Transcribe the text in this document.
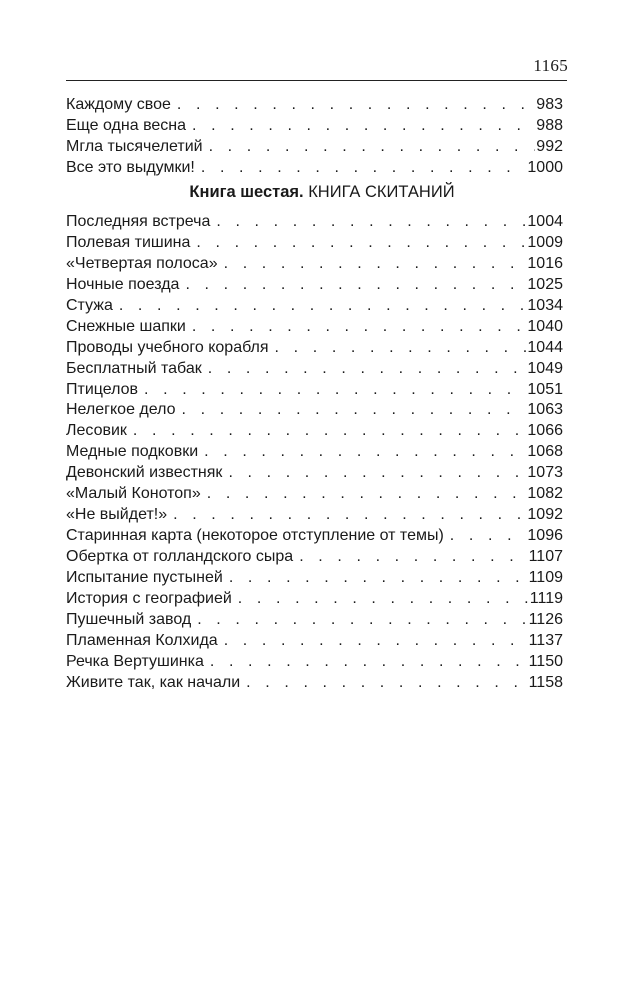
1165
Каждому свое . . .	983
Еще одна весна . . .	988
Мгла тысячелетий . . .	992
Все это выдумки! . . .	1000
Книга шестая. КНИГА СКИТАНИЙ
Последняя встреча . . .	1004
Полевая тишина . . .	1009
«Четвертая полоса» . . .	1016
Ночные поезда . . .	1025
Стужа . . .	1034
Снежные шапки . . .	1040
Проводы учебного корабля . . .	1044
Бесплатный табак . . .	1049
Птицелов . . .	1051
Нелегкое дело . . .	1063
Лесовик . . .	1066
Медные подковки . . .	1068
Девонский известняк . . .	1073
«Малый Конотоп» . . .	1082
«Не выйдет!» . . .	1092
Старинная карта (некоторое отступление от темы) . . .	1096
Обертка от голландского сыра . . .	1107
Испытание пустыней . . .	1109
История с географией . . .	1119
Пушечный завод . . .	1126
Пламенная Колхида . . .	1137
Речка Вертушинка . . .	1150
Живите так, как начали . . .	1158
